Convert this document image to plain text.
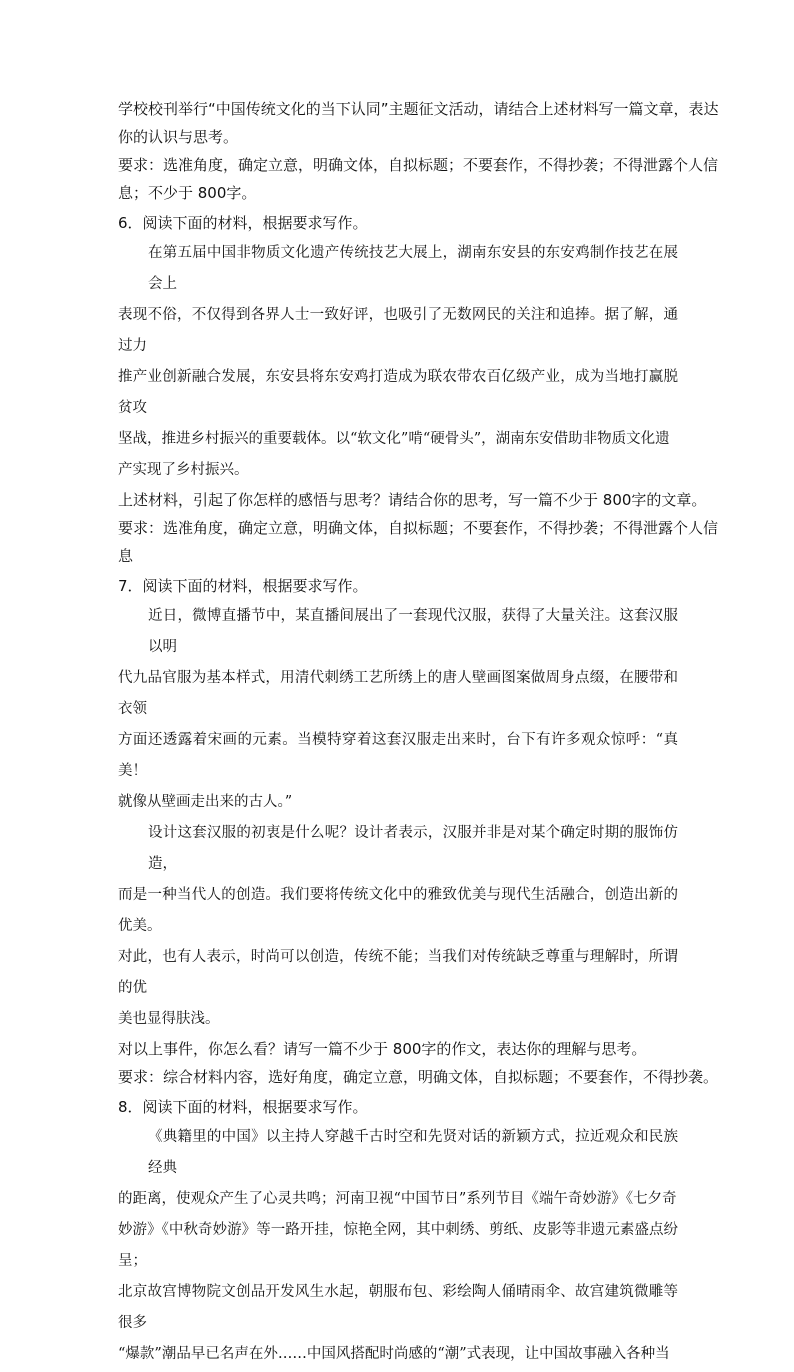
学校校刊举行“中国传统文化的当下认同”主题征文活动，请结合上述材料写一篇文章，表达

你的认识与思考。

要求：选准角度，确定立意，明确文体，自拟标题；不要套作，不得抄袭；不得泄露个人信

息；不少于 800字。

6．阅读下面的材料，根据要求写作。

在第五届中国非物质文化遗产传统技艺大展上，湖南东安县的东安鸡制作技艺在展会上
表现不俗，不仅得到各界人士一致好评，也吸引了无数网民的关注和追捧。据了解，通过力
推产业创新融合发展，东安县将东安鸡打造成为联农带农百亿级产业，成为当地打赢脱贫攻
坚战，推进乡村振兴的重要载体。以“软文化”啃“硬骨头”，湖南东安借助非物质文化遗
产实现了乡村振兴。

上述材料，引起了你怎样的感悟与思考？请结合你的思考，写一篇不少于 800字的文章。

要求：选准角度，确定立意，明确文体，自拟标题；不要套作，不得抄袭；不得泄露个人信

息

7．阅读下面的材料，根据要求写作。

近日，微博直播节中，某直播间展出了一套现代汉服，获得了大量关注。这套汉服以明
代九品官服为基本样式，用清代刺绣工艺所绣上的唐人壁画图案做周身点缀，在腰带和衣领
方面还透露着宋画的元素。当模特穿着这套汉服走出来时，台下有许多观众惊呼：“真美！
就像从壁画走出来的古人。”
设计这套汉服的初衷是什么呢？设计者表示，汉服并非是对某个确定时期的服饰仿造，
而是一种当代人的创造。我们要将传统文化中的雅致优美与现代生活融合，创造出新的优美。
对此，也有人表示，时尚可以创造，传统不能；当我们对传统缺乏尊重与理解时，所谓的优
美也显得肤浅。

对以上事件，你怎么看？请写一篇不少于 800字的作文，表达你的理解与思考。

要求：综合材料内容，选好角度，确定立意，明确文体，自拟标题；不要套作，不得抄袭。

8．阅读下面的材料，根据要求写作。

《典籍里的中国》以主持人穿越千古时空和先贤对话的新颖方式，拉近观众和民族经典
的距离，使观众产生了心灵共鸣；河南卫视“中国节日”系列节目《端午奇妙游》《七夕奇
妙游》《中秋奇妙游》等一路开挂，惊艳全网，其中刺绣、剪纸、皮影等非遗元素盛点纷呈；
北京故宫博物院文创品开发风生水起，朝服布包、彩绘陶人俑晴雨伞、故宫建筑微雕等很多
“爆款”潮品早已名声在外……中国风搭配时尚感的“潮”式表现，让中国故事融入各种当
